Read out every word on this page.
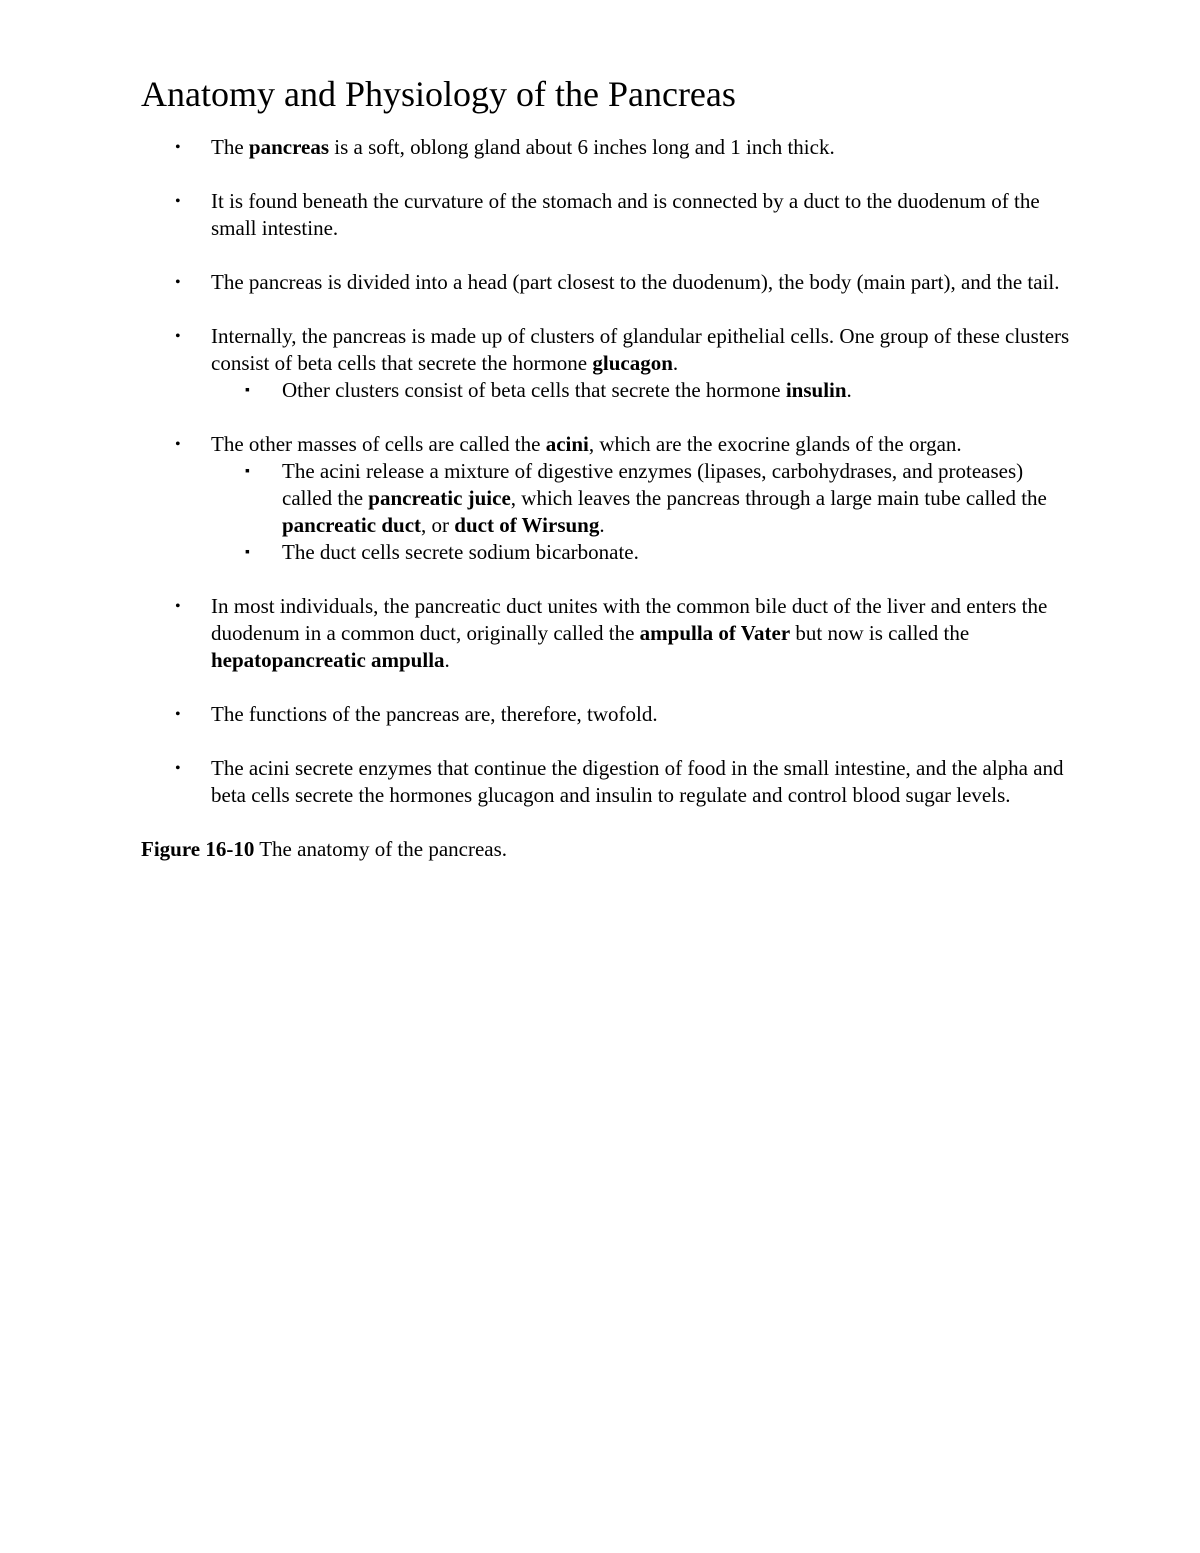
Anatomy and Physiology of the Pancreas
• The pancreas is a soft, oblong gland about 6 inches long and 1 inch thick.
• It is found beneath the curvature of the stomach and is connected by a duct to the duodenum of the small intestine.
• The pancreas is divided into a head (part closest to the duodenum), the body (main part), and the tail.
• Internally, the pancreas is made up of clusters of glandular epithelial cells. One group of these clusters consist of beta cells that secrete the hormone glucagon.
▪ Other clusters consist of beta cells that secrete the hormone insulin.
• The other masses of cells are called the acini, which are the exocrine glands of the organ.
▪ The acini release a mixture of digestive enzymes (lipases, carbohydrases, and proteases) called the pancreatic juice, which leaves the pancreas through a large main tube called the pancreatic duct, or duct of Wirsung.
▪ The duct cells secrete sodium bicarbonate.
• In most individuals, the pancreatic duct unites with the common bile duct of the liver and enters the duodenum in a common duct, originally called the ampulla of Vater but now is called the hepatopancreatic ampulla.
• The functions of the pancreas are, therefore, twofold.
• The acini secrete enzymes that continue the digestion of food in the small intestine, and the alpha and beta cells secrete the hormones glucagon and insulin to regulate and control blood sugar levels.

Figure 16-10 The anatomy of the pancreas.
